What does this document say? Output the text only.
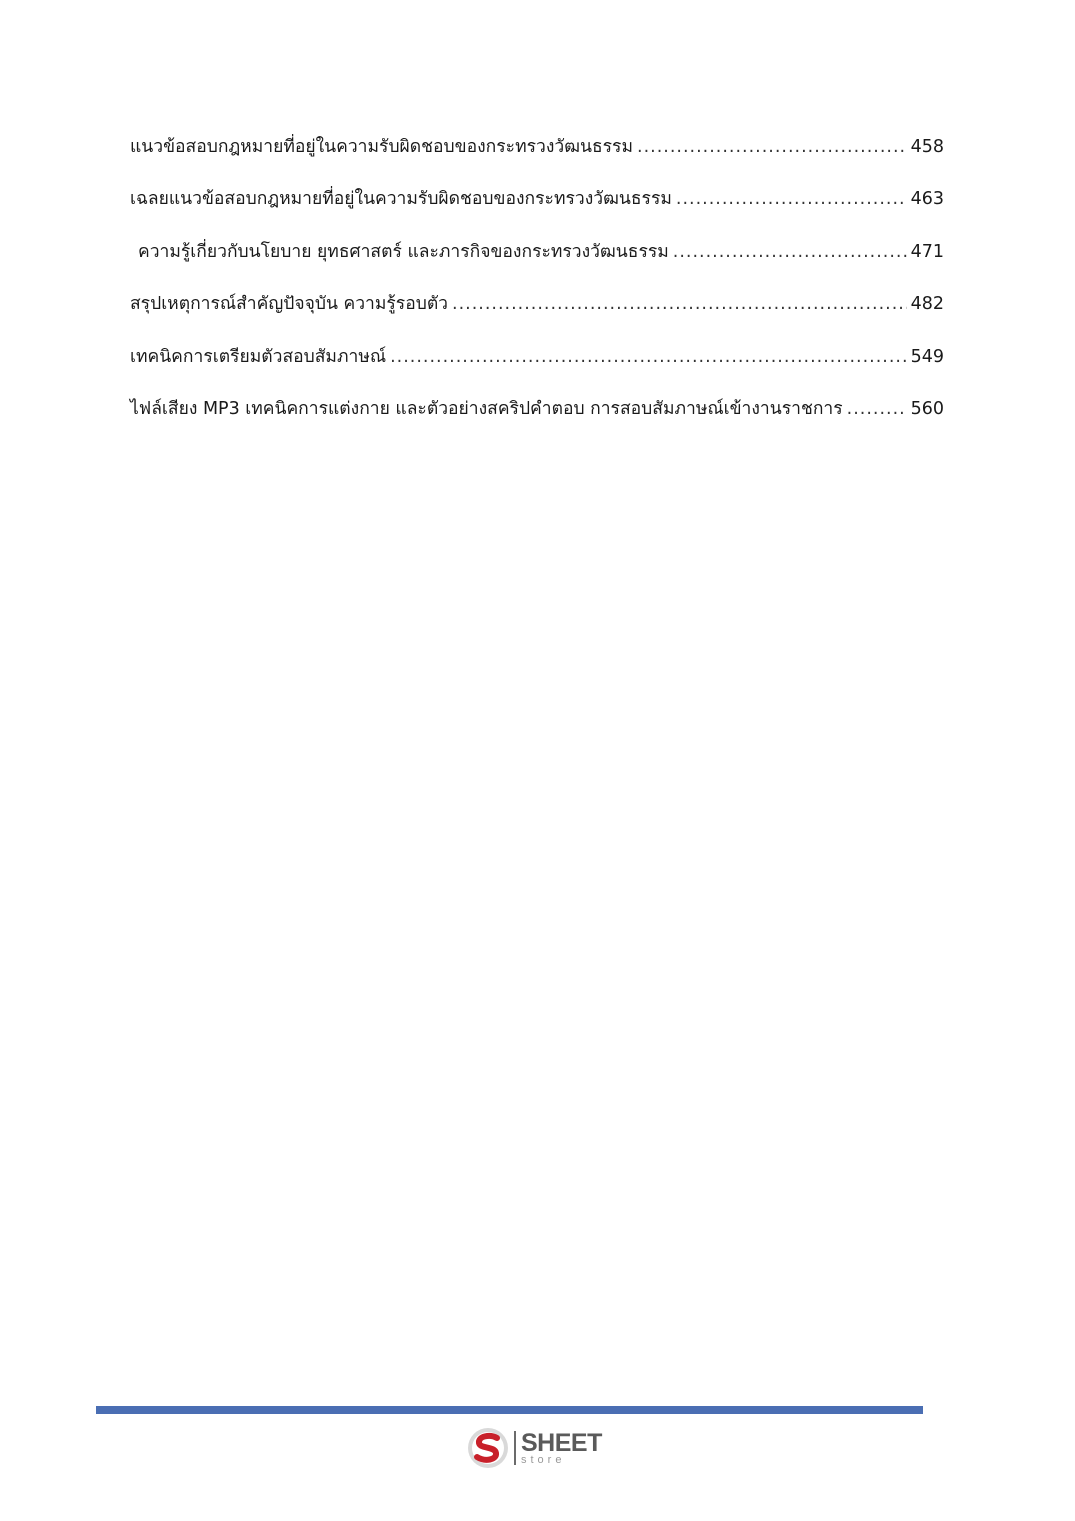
แนวข้อสอบกฎหมายที่อยู่ในความรับผิดชอบของกระทรวงวัฒนธรรม .....	458
เฉลยแนวข้อสอบกฎหมายที่อยู่ในความรับผิดชอบของกระทรวงวัฒนธรรม .....	463
ความรู้เกี่ยวกับนโยบาย ยุทธศาสตร์ และภารกิจของกระทรวงวัฒนธรรม .....	471
สรุปเหตุการณ์สำคัญปัจจุบัน ความรู้รอบตัว .....	482
เทคนิคการเตรียมตัวสอบสัมภาษณ์ .....	549
ไฟล์เสียง MP3 เทคนิคการแต่งกาย และตัวอย่างสคริปคำตอบ การสอบสัมภาษณ์เข้างานราชการ .....	560
SHEET
store
